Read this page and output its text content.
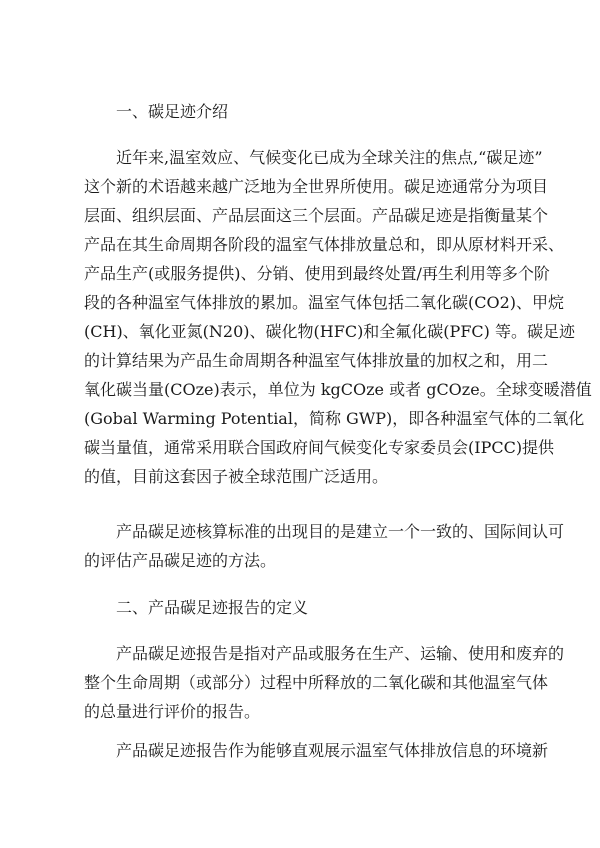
一、碳足迹介绍
近年来,温室效应、气候变化已成为全球关注的焦点,“碳足迹”
这个新的术语越来越广泛地为全世界所使用。碳足迹通常分为项目
层面、组织层面、产品层面这三个层面。产品碳足迹是指衡量某个
产品在其生命周期各阶段的温室气体排放量总和，即从原材料开采、
产品生产(或服务提供)、分销、使用到最终处置/再生利用等多个阶
段的各种温室气体排放的累加。温室气体包括二氧化碳(CO2)、甲烷
(CH)、氧化亚氮(N20)、碳化物(HFC)和全氟化碳(PFC) 等。碳足迹
的计算结果为产品生命周期各种温室气体排放量的加权之和，用二
氧化碳当量(COze)表示，单位为 kgCOze 或者 gCOze。全球变暖潜值
(Gobal Warming Potential，简称 GWP)，即各种温室气体的二氧化
碳当量值，通常采用联合国政府间气候变化专家委员会(IPCC)提供
的值，目前这套因子被全球范围广泛适用。
产品碳足迹核算标准的出现目的是建立一个一致的、国际间认可
的评估产品碳足迹的方法。
二、产品碳足迹报告的定义
产品碳足迹报告是指对产品或服务在生产、运输、使用和废弃的
整个生命周期（或部分）过程中所释放的二氧化碳和其他温室气体
的总量进行评价的报告。
产品碳足迹报告作为能够直观展示温室气体排放信息的环境新
